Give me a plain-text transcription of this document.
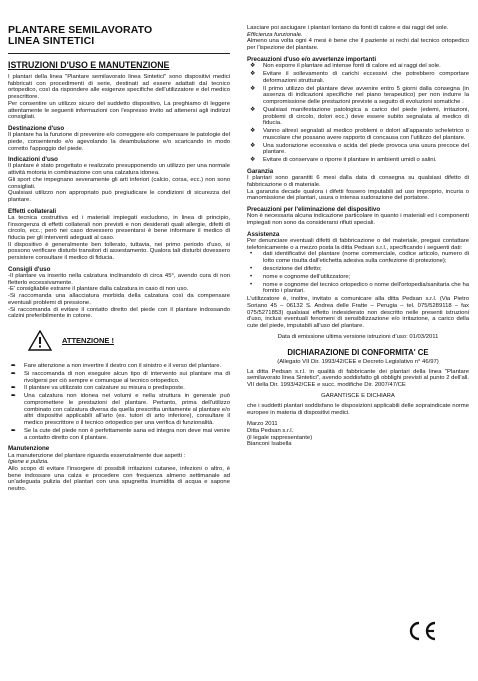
PLANTARE SEMILAVORATO
LINEA SINTETICI
ISTRUZIONI D'USO E MANUTENZIONE

I plantari della linea "Plantare semilavorato linea Sintetici" sono dispositivi medici fabbricati con procedimenti di serie, destinati ad essere adattati dal tecnico ortopedico, così da rispondere alle esigenze specifiche dell'utilizzatore e del medico prescrittore.

Per consentire un utilizzo sicuro del suddetto dispositivo, La preghiamo di leggere attentamente le seguenti informazioni con l'espresso invito ad attenersi agli indirizzi consigliati.

Destinazione d'uso

Il plantare ha la funzione di prevenire e/o correggere e/o compensare le patologie del piede, consentendo e/o agevolando la deambulazione e/o scaricando in modo corretto l'appoggio del piede.

Indicazioni d'uso

Il plantare è stato progettato e realizzato presupponendo un utilizzo per una normale attività motoria in combinazione con una calzatura idonea.

Gli sport che impegnano severamente gli arti inferiori (calcio, corsa, ecc.) non sono consigliati.

Qualsiasi utilizzo non appropriato può pregiudicare le condizioni di sicurezza del plantare.

Effetti collaterali

La tecnica costruttiva ed i materiali impiegati escludono, in linea di principio, l'insorgenza di effetti collaterali non previsti e non desiderati quali allergie, difetti di circolo, ecc.; però nei caso dovessero presentarsi è bene informare il medico di fiducia per gli interventi adeguati al caso.

Il dispositivo è generalmente ben tollerato, tuttavia, nei primo periodo d'uso, si possono verificare disturbi transitori di assestamento. Qualora tali disturbi dovessero persistere consultare il medico di fiducia.

Consigli d'uso

-Il plantare va inserito nella calzatura inclinandolo di circa 45°, avendo cura di non fletterlo eccessivamente.

-E' consigliabile estrarre il plantare dalla calzatura in caso di non uso.

-Si raccomanda una allacciatura morbida della calzatura così da compensare eventuali problemi di pressione.

-Si raccomanda di evitare il contatto diretto del piede con il plantare indossando calzini preferibilmente in cotone.

ATTENZIONE !
➨ Fare attenzione a non invertire il destro con il sinistro e il verso del plantare.
➨ Si raccomanda di non eseguire alcun tipo di intervento sui plantare ma di rivolgersi per ciò sempre e comunque al tecnico ortopedico.
➨ Il plantare va utilizzato con calzature su misura o predisposte.
➨ Una calzatura non idonea nei volumi e nella struttura in generale può compromettere le prestazioni del plantare. Pertanto, prima dell'utilizzo combinato con calzatura diversa da quella prescritta unitamente al plantare e/o altri dispositivi applicabili all'arto (es. tutori di arto inferiore), consultare il medico prescrittore o il tecnico ortopedico per una verifica di funzionalità.
➨ Se la cute del piede non è perfettamente sana ed integra non deve mai venire a contatto diretto con il plantare.
Manutenzione

La manutenzione del plantare riguarda essenzialmente due aspetti :

Igiene e pulizia.

Allo scopo di evitare l'insorgere di possibili irritazioni cutanee, infezioni o altro, è bene indossare una calza e procedere con frequenza almeno settimanale ad un'adeguata pulizia del plantari con una spugnetta inumidita di acqua e sapone neutro.

Lasciare poi asciugare i plantari lontano da fonti di calore e dai raggi del sole.

Efficienza funzionale.

Almeno una volta ogni 4 mesi è bene che il paziente si rechi dal tecnico ortopedico per l'ispezione del plantare.

Precauzioni d'uso e/o avvertenze importanti
❖ Non esporre il plantare ad intense fonti di calore ed ai raggi del sole.
❖ Evitare il sollevamento di carichi eccessivi che potrebbero comportare deformazioni strutturali.
❖ Il primo utilizzo del plantare deve avvenire entro 5 giorni dalla consegna (in assenza di indicazioni specifiche nel piano terapeutico) per non indurre la compromissione delle prestazioni previste a seguito di evoluzioni somatiche .
❖ Qualsiasi manifestazione patologica a carico del piede (edemi, irritazioni, problemi di circolo, dolori ecc.) deve essere subito segnalata al medico di fiducia.
❖ Vanno altresì segnalati al medico problemi o dolori all'apparato scheletrico o muscolare che possano avere rapporto di concausa con l'utilizzo del plantare.
❖ Una sudorazione eccessiva o acida del piede provoca una usura precoce del plantare.
❖ Evitare di conservare o riporre il plantare in ambienti umidi o salini.
Garanzia

I plantari sono garantiti 6 mesi dalla data di consegna su qualsiasi difetto di fabbricazione o di materiale.

La garanzia decade qualora i difetti fossero imputabili ad uso improprio, incuria o manomissione dei plantari, usura o intensa sudorazione del portatore.

Precauzioni per l'eliminazione del dispositivo

Non è necessaria alcuna indicazione particolare in quanto i materiali ed i componenti impiegati non sono da considerarsi rifiuti speciali.

Assistenza

Per denunciare eventuali difetti di fabbricazione o del materiale, pregasi contattare telefonicamente o a mezzo posta la ditta Pedsan s.r.l., specificando i seguenti dati:

• dati identificativi del plantare (nome commerciale, codice articolo, numero di lotto come risulta dall'etichetta adesiva sulla confezione di protezione);
• descrizione del difetto;
• nome e cognome dell'utilizzatore;
• nome e cognome del tecnico ortopedico o nome dell'ortopedia/sanitaria che ha fornito i plantari.

L'utilizzatore è, inoltre, invitato a comunicare alla ditta Pedsan s.r.l. (Via Pietro Soriano 45 – 06132 S. Andrea delle Fratte – Perugia – tel. 075/5289118 – fax 075/5271853) qualsiasi effetto indesiderato non descritto nelle presenti istruzioni d'uso, inclusi eventuali fenomeni di sensibilizzazione e/o irritazione, a carico della cute del piede, imputabili all'uso del plantare.

Data di emissione ultima versione istruzioni d'uso: 01/03/2011
DICHIARAZIONE DI CONFORMITA' CE
(Allegato VII Dir. 1993/42/CEE e Decreto Legislativo n° 46/97)

La ditta Pedsan s.r.l. in qualità di fabbricante dei plantari della linea "Plantare semilavorato linea Sintetici", avendo soddisfatto gli obblighi previsti al punto 2 dell'all. VII della Dir. 1993/42/CEE e succ. modifiche Dir. 2007/47/CE

GARANTISCE E DICHIARA

che i suddetti plantari soddisfano le disposizioni applicabili delle sopraindicate norme europee in materia di dispositivi medici.

Marzo 2011
Ditta Pedsan s.r.l.
(il legale rappresentante)
Bianconi Isabella
